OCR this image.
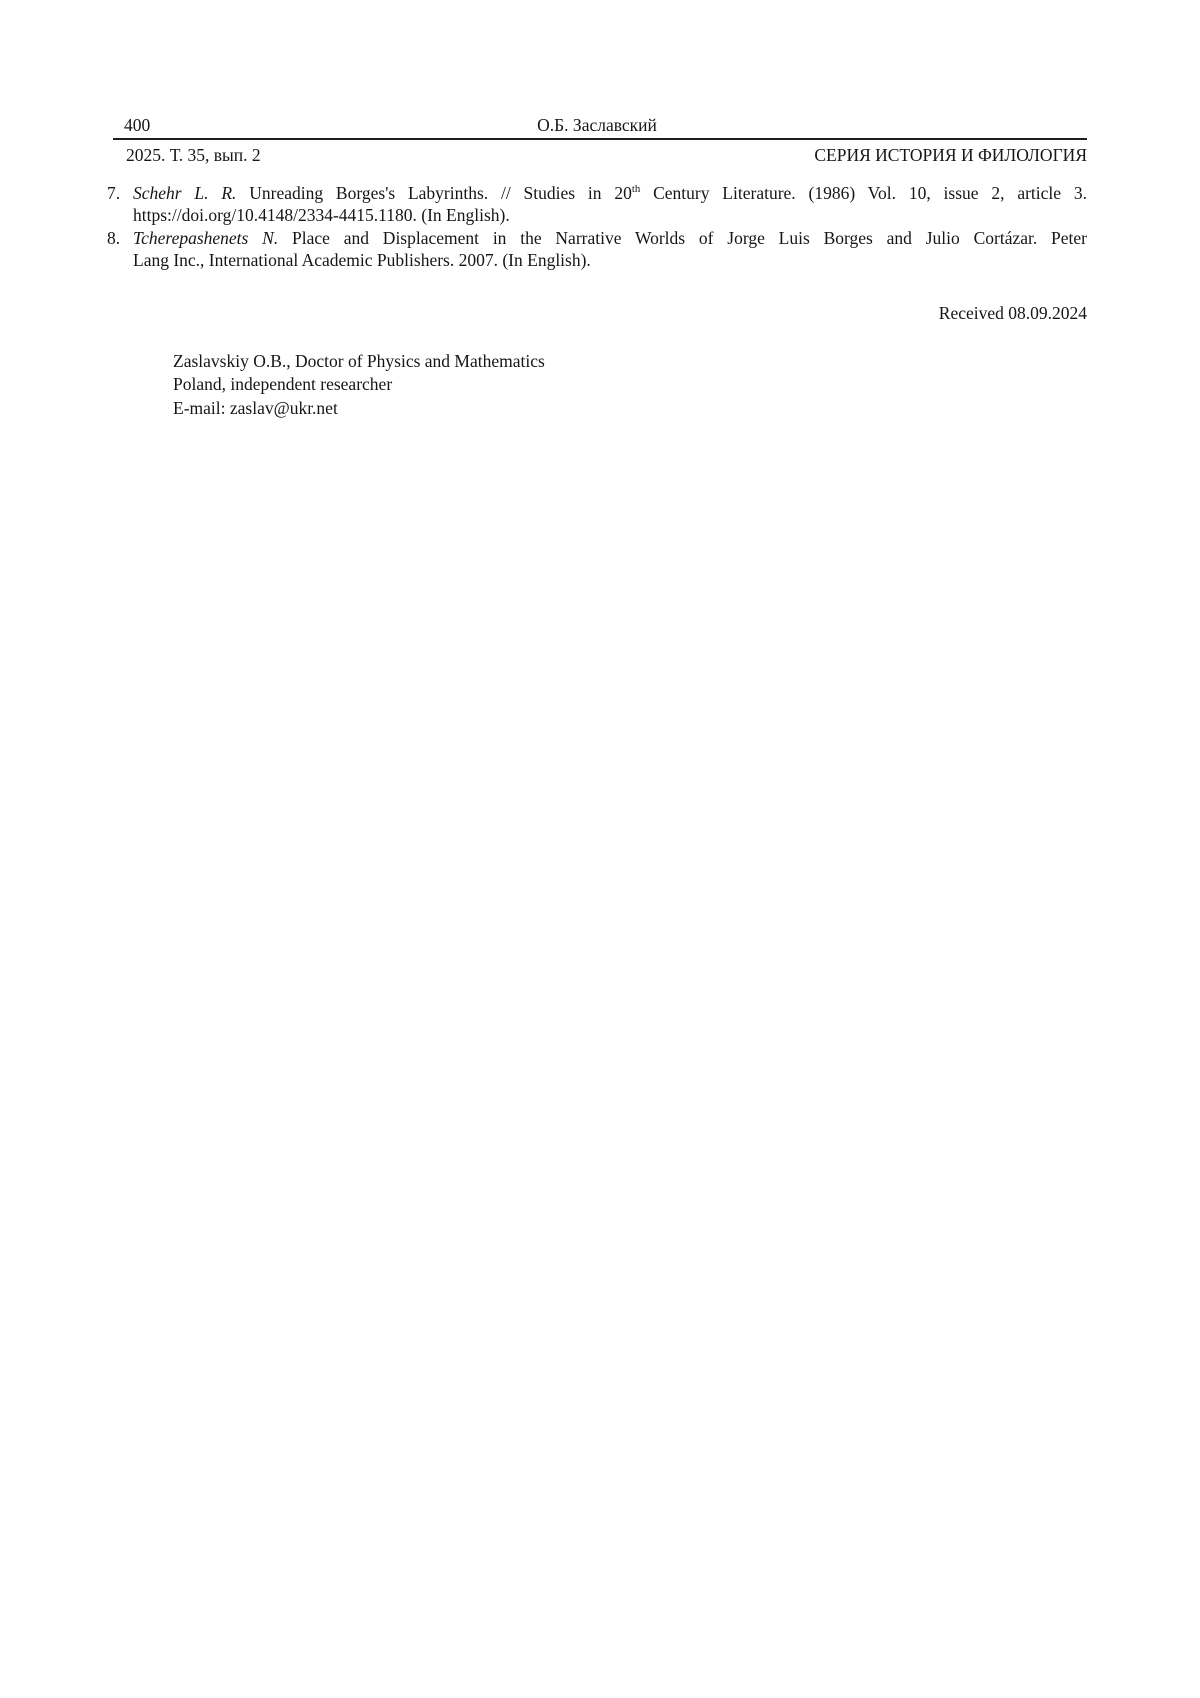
400	О.Б. Заславский
2025. Т. 35, вып. 2	СЕРИЯ ИСТОРИЯ И ФИЛОЛОГИЯ
7. Schehr L. R. Unreading Borges's Labyrinths. // Studies in 20th Century Literature. (1986) Vol. 10, issue 2, article 3.
https://doi.org/10.4148/2334-4415.1180. (In English).
8. Tcherepashenets N. Place and Displacement in the Narrative Worlds of Jorge Luis Borges and Julio Cortázar. Peter
Lang Inc., International Academic Publishers. 2007. (In English).
Received 08.09.2024
Zaslavskiy O.B., Doctor of Physics and Mathematics
Poland, independent researcher
E-mail: zaslav@ukr.net
